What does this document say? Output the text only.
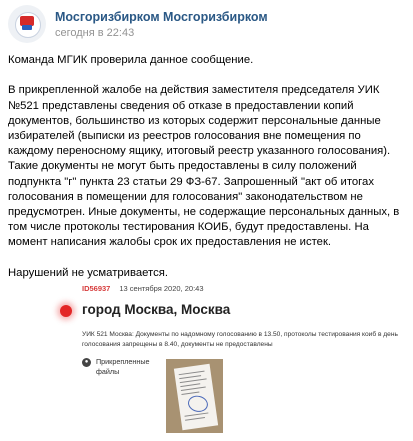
Мосгоризбирком Мосгоризбирком
сегодня в 22:43

Команда МГИК проверила данное сообщение.

В прикрепленной жалобе на действия заместителя председателя УИК №521 представлены сведения об отказе в предоставлении копий документов, большинство из которых содержит персональные данные избирателей (выписки из реестров голосования вне помещения по каждому переносному ящику, итоговый реестр указанного голосования). Такие документы не могут быть предоставлены в силу положений подпункта "г" пункта 23 статьи 29 ФЗ-67. Запрошенный "акт об итогах голосования в помещении для голосования" законодательством не предусмотрен. Иные документы, не содержащие персональных данных, в том числе протоколы тестирования КОИБ, будут предоставлены. На момент написания жалобы срок их предоставления не истек.

Нарушений не усматривается.

ID56937 13 сентября 2020, 20:43
город Москва, Москва
УИК 521 Москва: Документы по надомному голосованию в 13.50, протоколы тестирования коиб в день голосования запрещены в 8.40, документы не предоставлены
●	Прикрепленные файлы
